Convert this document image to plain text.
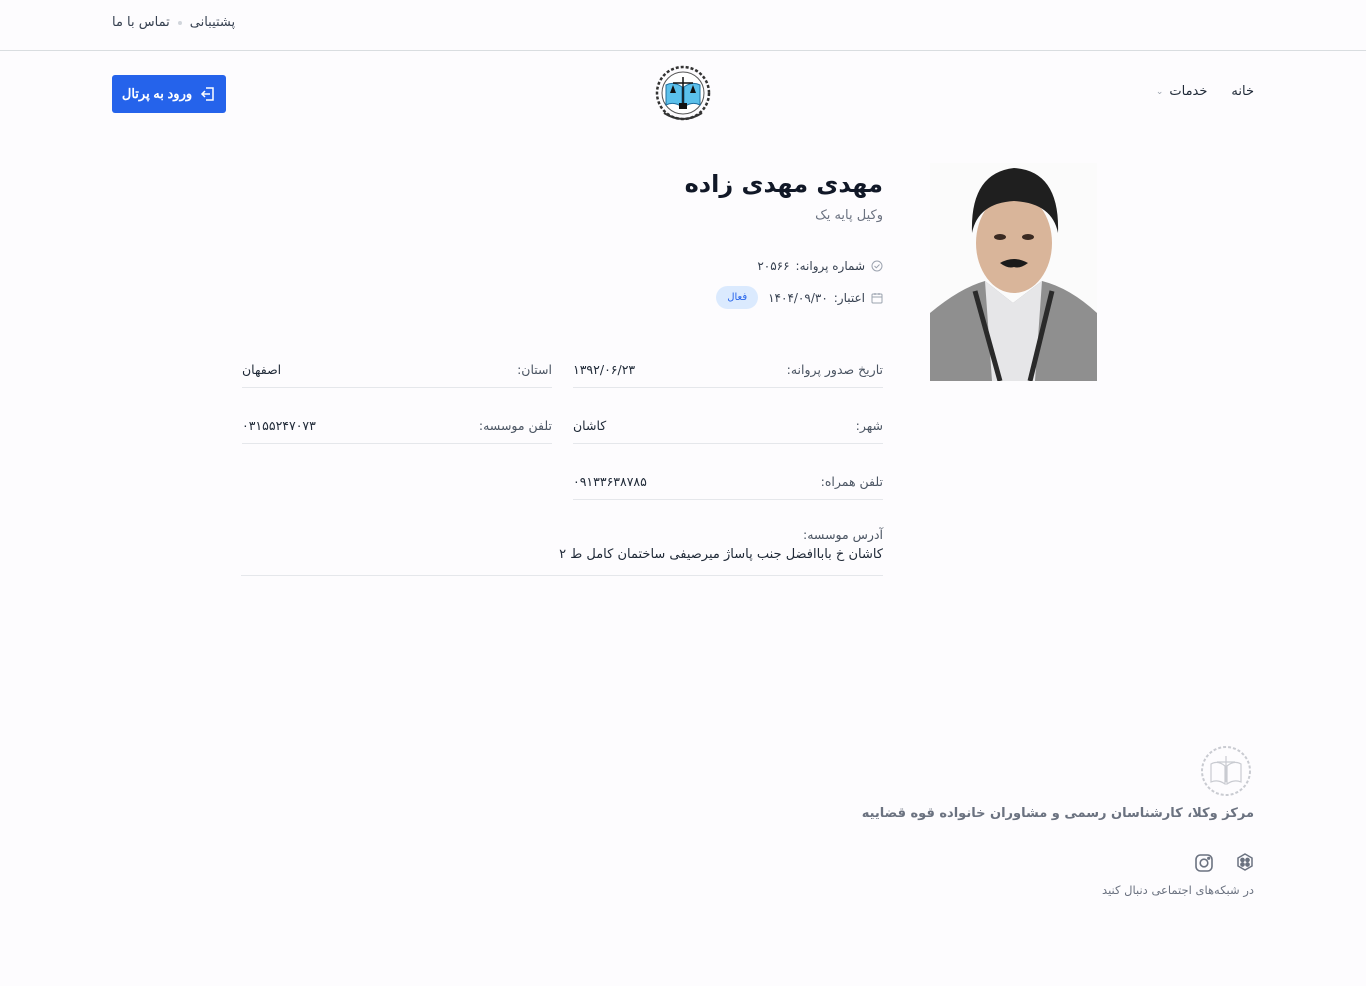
پشتیبانی
تماس با ما
خانه
خدمات
⌄
ورود به پرتال
مهدی مهدی زاده
وکیل پایه یک
شماره پروانه:
۲۰۵۶۶
اعتبار:
۱۴۰۴/۰۹/۳۰
فعال
تاریخ صدور پروانه:
۱۳۹۲/۰۶/۲۳
استان:
اصفهان
شهر:
کاشان
تلفن موسسه:
۰۳۱۵۵۲۴۷۰۷۳
تلفن همراه:
۰۹۱۳۳۶۳۸۷۸۵
آدرس موسسه:
کاشان خ باباافضل جنب پاساژ میرصیفی ساختمان کامل ط ۲
مرکز وکلا، کارشناسان رسمی و مشاوران خانواده قوه قضاییه
در شبکه‌های اجتماعی دنبال کنید
